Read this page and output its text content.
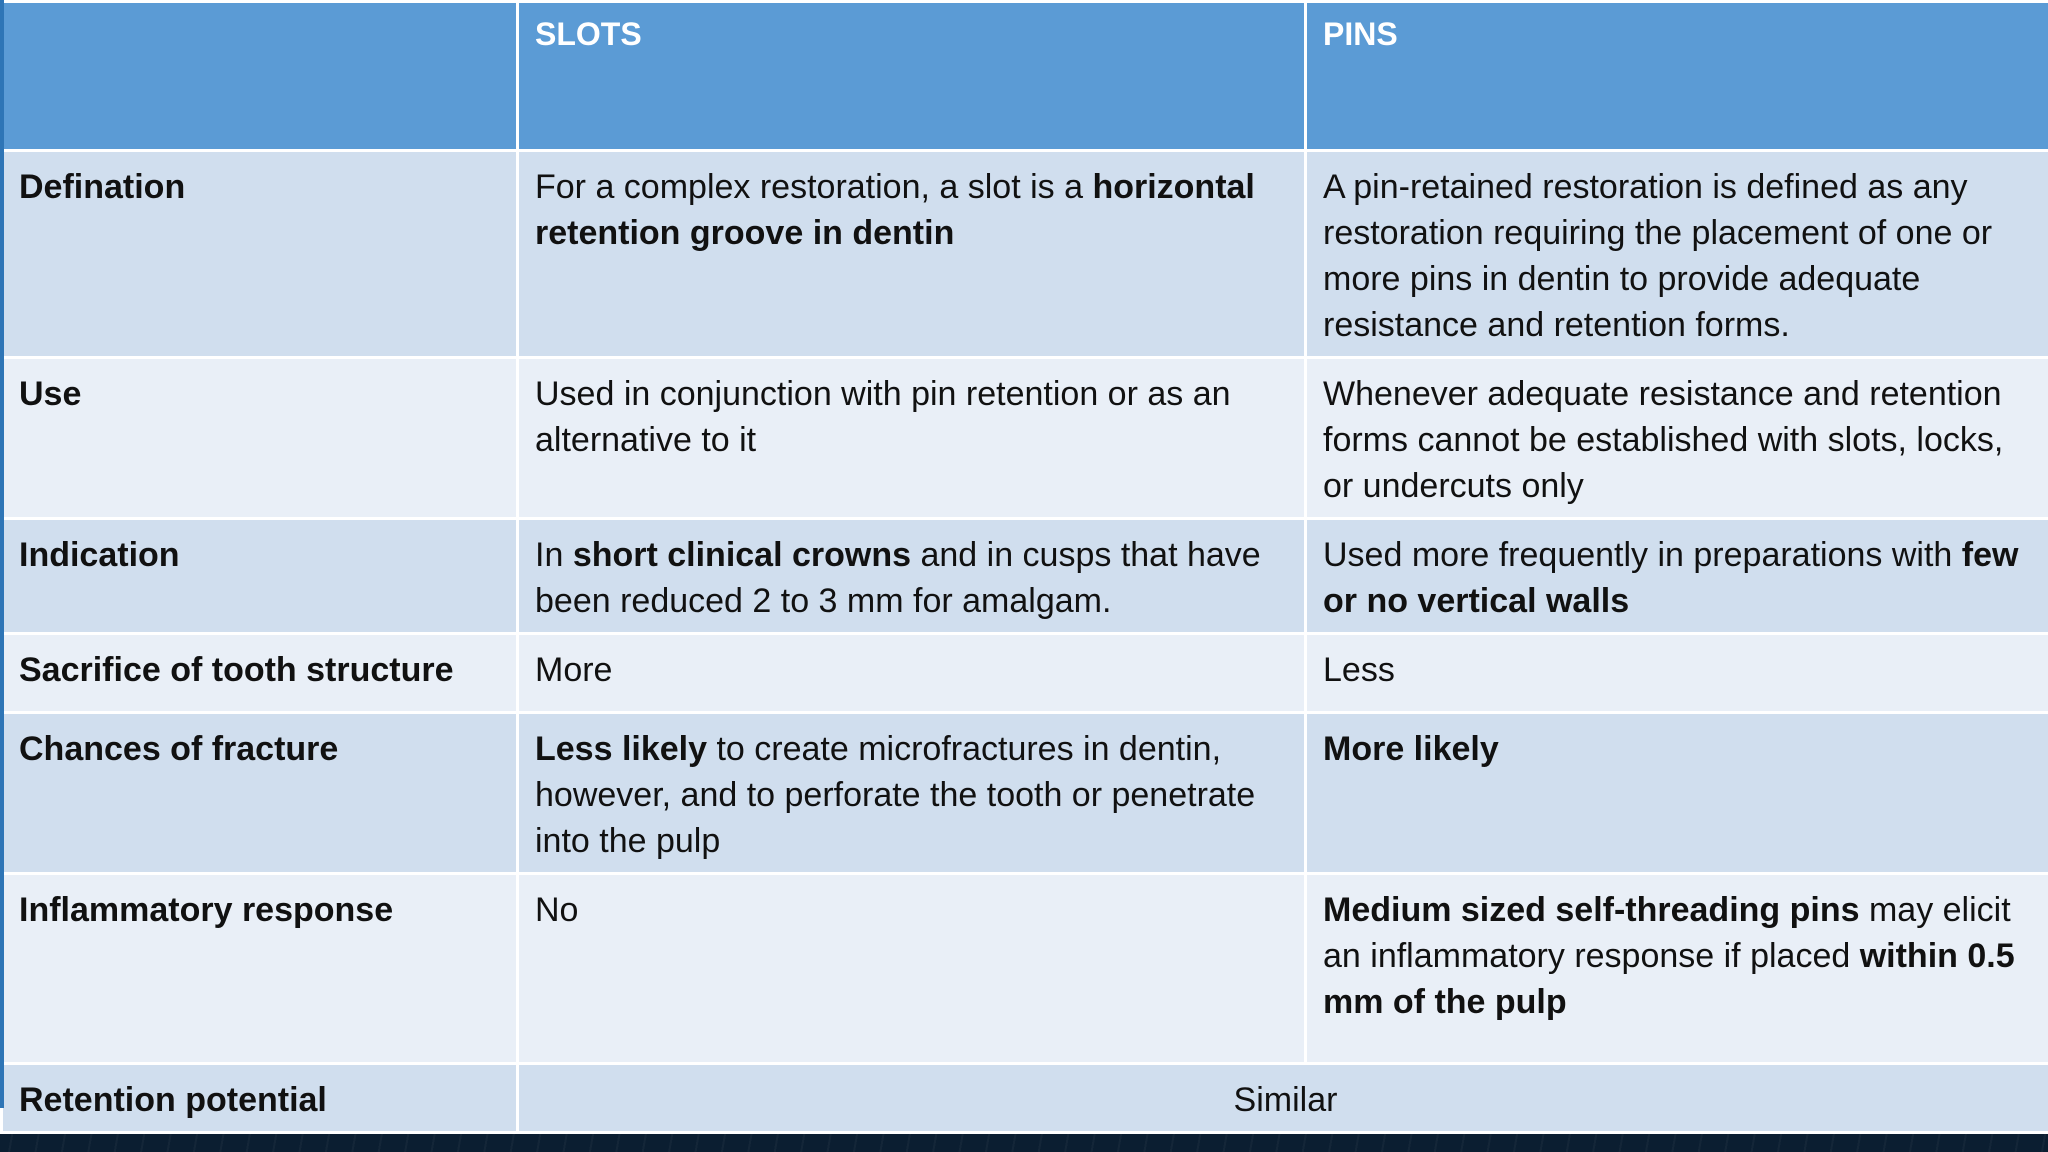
	SLOTS	PINS
Defination	For a complex restoration, a slot is a horizontal retention groove in dentin	A pin-retained restoration is defined as any restoration requiring the placement of one or more pins in dentin to provide adequate resistance and retention forms.
Use	Used in conjunction with pin retention or as an alternative to it	Whenever adequate resistance and retention forms cannot be established with slots, locks, or undercuts only
Indication	In short clinical crowns and in cusps that have been reduced 2 to 3 mm for amalgam.	Used more frequently in preparations with few or no vertical walls
Sacrifice of tooth structure	More	Less
Chances of fracture	Less likely to create microfractures in dentin, however, and to perforate the tooth or penetrate into the pulp	More likely
Inflammatory response	No	Medium sized self-threading pins may elicit an inflammatory response if placed within 0.5 mm of the pulp
Retention potential	Similar	
